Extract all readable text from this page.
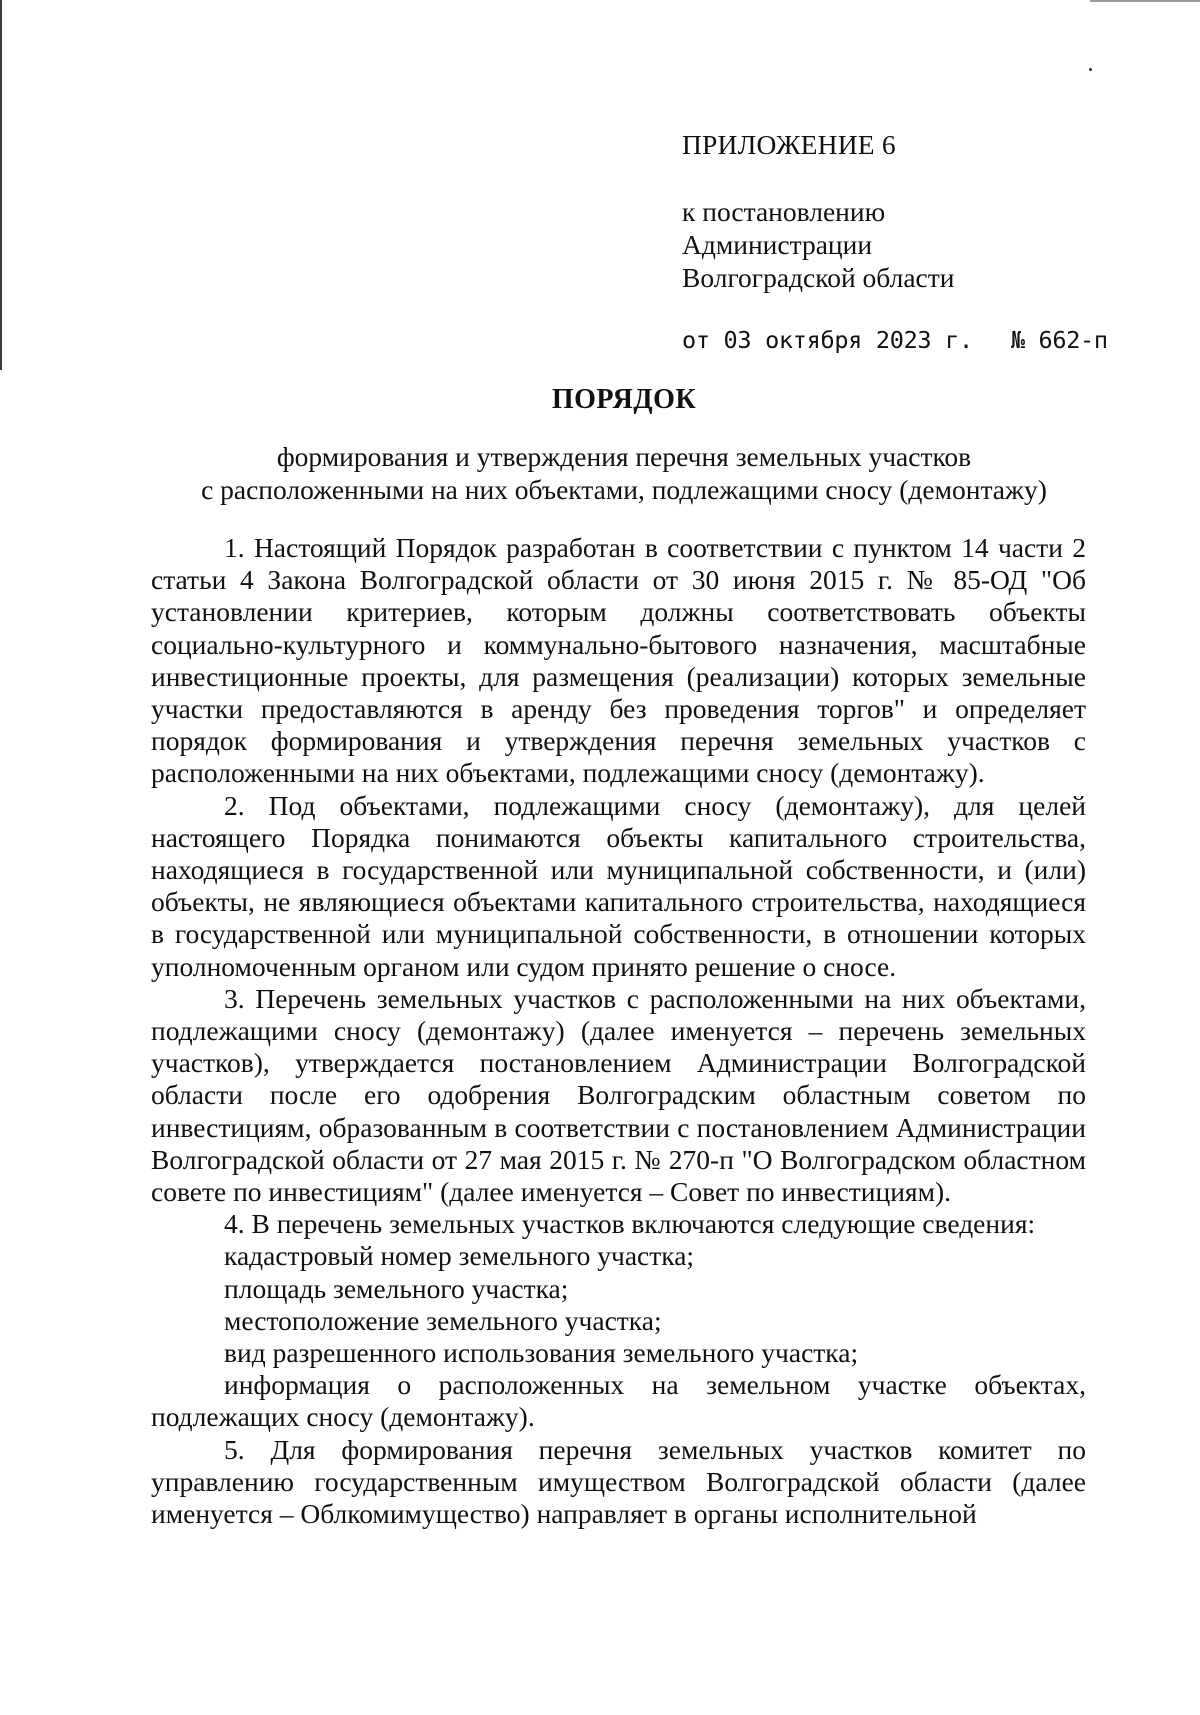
ПРИЛОЖЕНИЕ 6

к постановлению
Администрации
Волгоградской области
от 03 октября 2023 г. № 662-п
ПОРЯДОК
формирования и утверждения перечня земельных участков
с расположенными на них объектами, подлежащими сносу (демонтажу)

1. Настоящий Порядок разработан в соответствии с пунктом 14 части 2 статьи 4 Закона Волгоградской области от 30 июня 2015 г. № 85-ОД "Об установлении критериев, которым должны соответствовать объекты социально-культурного и коммунально-бытового назначения, масштабные инвестиционные проекты, для размещения (реализации) которых земельные участки предоставляются в аренду без проведения торгов" и определяет порядок формирования и утверждения перечня земельных участков с расположенными на них объектами, подлежащими сносу (демонтажу).

2. Под объектами, подлежащими сносу (демонтажу), для целей настоящего Порядка понимаются объекты капитального строительства, находящиеся в государственной или муниципальной собственности, и (или) объекты, не являющиеся объектами капитального строительства, находящиеся в государственной или муниципальной собственности, в отношении которых уполномоченным органом или судом принято решение о сносе.

3. Перечень земельных участков с расположенными на них объектами, подлежащими сносу (демонтажу) (далее именуется – перечень земельных участков), утверждается постановлением Администрации Волгоградской области после его одобрения Волгоградским областным советом по инвестициям, образованным в соответствии с постановлением Администрации Волгоградской области от 27 мая 2015 г. № 270-п "О Волгоградском областном совете по инвестициям" (далее именуется – Совет по инвестициям).

4. В перечень земельных участков включаются следующие сведения:

кадастровый номер земельного участка;

площадь земельного участка;

местоположение земельного участка;

вид разрешенного использования земельного участка;

информация о расположенных на земельном участке объектах, подлежащих сносу (демонтажу).

5. Для формирования перечня земельных участков комитет по управлению государственным имуществом Волгоградской области (далее именуется – Облкомимущество) направляет в органы исполнительной
